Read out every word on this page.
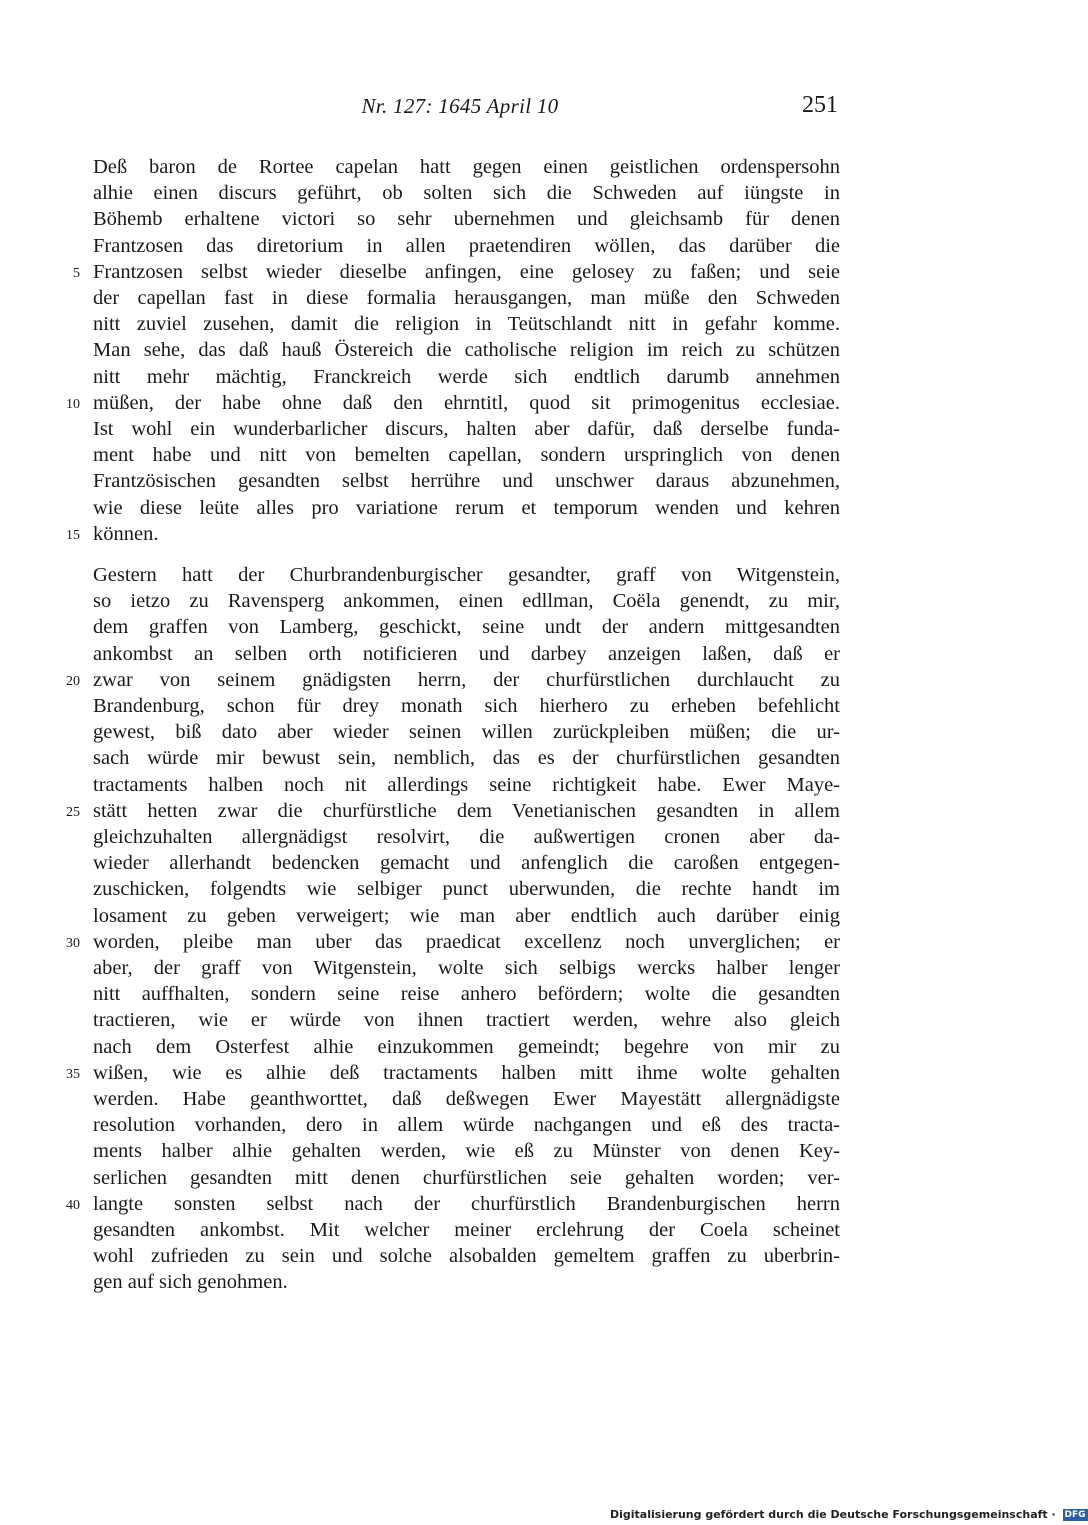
Nr. 127: 1645 April 10	251
Deß baron de Rortee capelan hatt gegen einen geistlichen ordenspersohn
alhie einen discurs geführt, ob solten sich die Schweden auf iüngste in
Böhemb erhaltene victori so sehr ubernehmen und gleichsamb für denen
Frantzosen das diretorium in allen praetendiren wöllen, das darüber die
Frantzosen selbst wieder dieselbe anfingen, eine gelosey zu faßen; und seie
der capellan fast in diese formalia herausgangen, man müße den Schweden
nitt zuviel zusehen, damit die religion in Teütschlandt nitt in gefahr komme.
Man sehe, das daß hauß Östereich die catholische religion im reich zu schützen
nitt mehr mächtig, Franckreich werde sich endtlich darumb annehmen
müßen, der habe ohne daß den ehrntitl, quod sit primogenitus ecclesiae.
Ist wohl ein wunderbarlicher discurs, halten aber dafür, daß derselbe funda-
ment habe und nitt von bemelten capellan, sondern urspringlich von denen
Frantzösischen gesandten selbst herrühre und unschwer daraus abzunehmen,
wie diese leüte alles pro variatione rerum et temporum wenden und kehren
können.
Gestern hatt der Churbrandenburgischer gesandter, graff von Witgenstein,
so ietzo zu Ravensperg ankommen, einen edllman, Coëla genendt, zu mir,
dem graffen von Lamberg, geschickt, seine undt der andern mittgesandten
ankombst an selben orth notificieren und darbey anzeigen laßen, daß er
zwar von seinem gnädigsten herrn, der churfürstlichen durchlaucht zu
Brandenburg, schon für drey monath sich hierhero zu erheben befehlicht
gewest, biß dato aber wieder seinen willen zurückpleiben müßen; die ur-
sach würde mir bewust sein, nemblich, das es der churfürstlichen gesandten
tractaments halben noch nit allerdings seine richtigkeit habe. Ewer Maye-
stätt hetten zwar die churfürstliche dem Venetianischen gesandten in allem
gleichzuhalten allergnädigst resolvirt, die außwertigen cronen aber da-
wieder allerhandt bedencken gemacht und anfenglich die caroßen entgegen-
zuschicken, folgendts wie selbiger punct uberwunden, die rechte handt im
losament zu geben verweigert; wie man aber endtlich auch darüber einig
worden, pleibe man uber das praedicat excellenz noch unverglichen; er
aber, der graff von Witgenstein, wolte sich selbigs wercks halber lenger
nitt auffhalten, sondern seine reise anhero befördern; wolte die gesandten
tractieren, wie er würde von ihnen tractiert werden, wehre also gleich
nach dem Osterfest alhie einzukommen gemeindt; begehre von mir zu
wißen, wie es alhie deß tractaments halben mitt ihme wolte gehalten
werden. Habe geanthworttet, daß deßwegen Ewer Mayestätt allergnädigste
resolution vorhanden, dero in allem würde nachgangen und eß des tracta-
ments halber alhie gehalten werden, wie eß zu Münster von denen Key-
serlichen gesandten mitt denen churfürstlichen seie gehalten worden; ver-
langte sonsten selbst nach der churfürstlich Brandenburgischen herrn
gesandten ankombst. Mit welcher meiner erclehrung der Coela scheinet
wohl zufrieden zu sein und solche alsobalden gemeltem graffen zu uberbrin-
gen auf sich genohmen.
5
10
15
20
25
30
35
40
Digitalisierung gefördert durch die Deutsche Forschungsgemeinschaft · DFG
